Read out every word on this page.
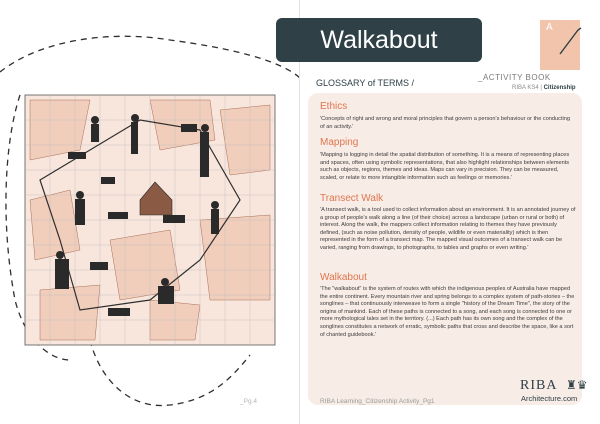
Walkabout	A
_ACTIVITY BOOK
RIBA KS4 | Citizenship
GLOSSARY of TERMS /
Ethics
'Concepts of right and wrong and moral principles that govern a person's behaviour or the conducting of an activity.'
Mapping
'Mapping is logging in detail the spatial distribution of something. It is a means of representing places and spaces, often using symbolic representations, that also highlight relationships between elements such as objects, regions, themes and ideas. Maps can vary in precision. They can be measured, scaled, or relate to more intangible information such as feelings or memories.'
Transect Walk
'A transect walk, is a tool used to collect information about an environment. It is an annotated journey of a group of people's walk along a line (of their choice) across a landscape (urban or rural or both) of interest. Along the walk, the mappers collect information relating to themes they have previously defined, (such as noise pollution, density of people, wildlife or even materiality) which is then represented in the form of a transect map. The mapped visual outcomes of a transect walk can be varied, ranging from drawings, to photographs, to tables and graphs or even writing.'
Walkabout
'The "walkabout" is the system of routes with which the indigenous peoples of Australia have mapped the entire continent. Every mountain river and spring belongs to a complex system of path-stories – the songlines – that continuously interweave to form a single "history of the Dream Time", the story of the origins of mankind. Each of these paths is connected to a song, and each song is connected to one or more mythological tales set in the territory. (...) Each path has its own song and the complex of the songlines constitutes a network of erratic, symbolic paths that cross and describe the space, like a sort of chanted guidebook.'
_Pg.4	RIBA Learning_Citizenship Activity_Pg1
RIBA ♜♛
Architecture.com
